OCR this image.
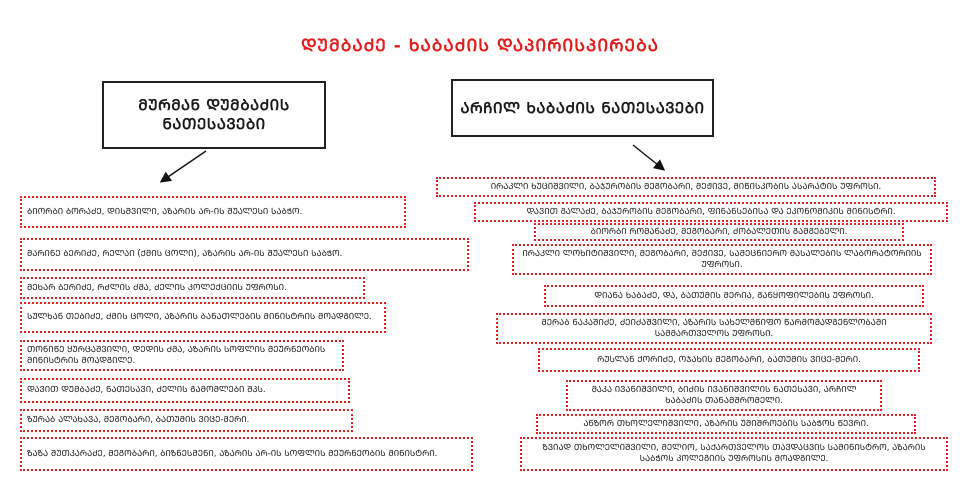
ᲓᲣᲛᲑᲐᲫᲔ - ᲮᲐᲑᲐᲫᲘᲡ ᲓᲐᲞᲘᲠᲘᲡᲞᲘᲠᲔᲑᲐ
ᲛᲣᲠᲛᲐᲜ ᲓᲣᲛᲑᲐᲫᲘᲡ
ᲜᲐᲗᲔᲡᲐᲕᲔᲑᲘ
ᲐᲠᲩᲘᲚ ᲮᲐᲑᲐᲫᲘᲡ ᲜᲐᲗᲔᲡᲐᲕᲔᲑᲘ
ᲑᲘᲝᲠᲑᲘ ᲑᲝᲠᲐᲫᲔ, ᲓᲘᲡᲨᲕᲘᲚᲘ, ᲐᲖᲐᲠᲘᲡ ᲐᲠ-ᲘᲡ ᲨᲣᲐᲚᲔᲡᲘ ᲡᲐᲑᲭᲝ.
ᲛᲐᲠᲘᲜᲔ ᲑᲔᲠᲘᲫᲔ, ᲠᲔᲚᲐᲘ (ᲥᲛᲘᲡ ᲪᲝᲚᲘ), ᲐᲖᲐᲠᲘᲡ ᲐᲠ-ᲘᲡ ᲨᲣᲐᲚᲔᲡᲘ ᲡᲐᲑᲭᲝ.
ᲛᲔᲮᲐᲠ ᲑᲔᲠᲘᲫᲔ, ᲠᲫᲚᲘᲡ ᲫᲛᲐ, ᲫᲔᲚᲘᲡ ᲙᲝᲚᲔᲥᲪᲘᲘᲡ ᲣᲤᲠᲝᲡᲘ.
ᲡᲣᲚᲮᲐᲜ ᲗᲔᲑᲘᲫᲔ, ᲫᲛᲘᲡ ᲪᲝᲚᲘ, ᲐᲖᲐᲠᲘᲡ ᲑᲐᲜᲐᲗᲚᲔᲑᲘᲡ ᲛᲘᲜᲘᲡᲢᲠᲘᲡ ᲛᲝᲐᲓᲒᲘᲚᲔ.
ᲗᲝᲜᲘᲬᲔ ᲧᲣᲠᲪᲐᲨᲕᲘᲚᲘ, ᲓᲔᲓᲘᲡ ᲫᲛᲐ, ᲐᲖᲐᲠᲘᲡ ᲡᲝᲤᲚᲘᲡ ᲛᲔᲣᲠᲜᲔᲝᲑᲘᲡ ᲛᲘᲜᲘᲡᲢᲠᲘᲡ ᲛᲝᲐᲓᲒᲘᲚᲔ.
ᲓᲐᲕᲘᲗ ᲓᲣᲛᲑᲐᲫᲔ, ᲜᲐᲗᲔᲡᲐᲕᲘ, ᲫᲔᲚᲘᲡ ᲒᲐᲛᲝᲛᲚᲔᲑᲘ ᲨᲞᲡ.
ᲖᲣᲠᲐᲑ ᲐᲚᲐᲮᲐᲕᲐ, ᲛᲔᲒᲝᲑᲐᲠᲘ, ᲑᲐᲗᲣᲛᲘᲡ ᲕᲘᲪᲔ-ᲛᲔᲠᲘ.
ᲖᲐᲖᲐ ᲨᲣᲗᲙᲐᲠᲐᲫᲔ, ᲛᲔᲒᲝᲑᲐᲠᲘ, ᲑᲘᲖᲜᲔᲡᲛᲔᲜᲘ, ᲐᲖᲐᲠᲘᲡ ᲐᲠ-ᲘᲡ ᲡᲝᲤᲚᲘᲡ ᲛᲔᲣᲠᲜᲔᲝᲑᲘᲡ ᲛᲘᲜᲘᲡᲢᲠᲘ.
ᲘᲠᲐᲙᲚᲘ ᲮᲣᲪᲘᲨᲕᲘᲚᲘ, ᲑᲐᲯᲣᲠᲝᲑᲘᲡ ᲛᲔᲒᲝᲑᲐᲠᲘ, ᲛᲔᲟᲘᲕᲔ, ᲛᲘᲬᲘᲡᲙᲝᲑᲘᲡ ᲐᲡᲐᲠᲐᲢᲘᲡ ᲣᲤᲠᲝᲡᲘ.
ᲓᲐᲕᲘᲗ ᲒᲐᲚᲐᲫᲔ, ᲑᲐᲯᲣᲠᲝᲑᲘᲡ ᲛᲔᲒᲝᲑᲐᲠᲘ, ᲤᲘᲜᲐᲜᲡᲔᲑᲘᲡᲐ ᲓᲐ ᲔᲙᲝᲜᲝᲛᲘᲙᲘᲡ ᲛᲘᲜᲘᲡᲢᲠᲘ.
ᲑᲘᲝᲠᲑᲘ ᲠᲝᲛᲐᲜᲐᲫᲔ, ᲛᲔᲒᲝᲑᲐᲠᲘ, ᲫᲝᲑᲐᲚᲔᲗᲘᲡ ᲒᲐᲛᲒᲔᲑᲔᲚᲘ.
ᲘᲠᲐᲙᲚᲘ ᲚᲝᲮᲘᲢᲘᲨᲕᲘᲚᲘ, ᲛᲔᲒᲝᲑᲐᲠᲘ, ᲛᲔᲟᲘᲕᲔ, ᲡᲐᲛᲔᲪᲜᲘᲔᲠᲝ ᲛᲐᲡᲐᲚᲔᲑᲘᲡ ᲚᲐᲑᲝᲠᲐᲢᲝᲠᲘᲘᲡ ᲣᲤᲠᲝᲡᲘ.
ᲓᲘᲐᲜᲐ ᲮᲐᲑᲐᲫᲔ, ᲓᲐ, ᲑᲐᲗᲣᲛᲘᲡ ᲛᲔᲠᲘᲐ, ᲒᲐᲜᲧᲝᲤᲘᲚᲔᲑᲘᲡ ᲣᲤᲠᲝᲡᲘ.
ᲛᲔᲠᲐᲑ ᲜᲐᲙᲐᲨᲘᲫᲔ, ᲫᲔᲘᲫᲐᲨᲕᲘᲚᲘ, ᲐᲖᲐᲠᲘᲡ ᲡᲐᲮᲔᲚᲛᲬᲘᲤᲝ ᲬᲐᲠᲛᲝᲛᲐᲓᲒᲔᲜᲚᲝᲑᲐᲨᲘ ᲡᲐᲛᲛᲐᲠᲗᲕᲔᲚᲝᲡ ᲣᲤᲠᲝᲡᲘ.
ᲠᲣᲡᲚᲐᲜ ᲥᲝᲠᲘᲫᲔ, ᲝᲯᲐᲮᲘᲡ ᲛᲔᲒᲝᲑᲐᲠᲘ, ᲑᲐᲗᲣᲛᲘᲡ ᲕᲘᲪᲔ-ᲛᲔᲠᲘ.
ᲛᲐᲙᲐ ᲘᲕᲐᲜᲘᲨᲕᲘᲚᲘ, ᲑᲘᲫᲘᲡ ᲘᲕᲐᲜᲘᲨᲕᲘᲚᲘᲡ ᲜᲐᲗᲔᲡᲐᲕᲘ, ᲐᲠᲩᲘᲚ ᲮᲐᲑᲐᲫᲘᲡ ᲗᲐᲜᲐᲛᲨᲠᲝᲛᲔᲚᲘ.
ᲐᲜᲖᲝᲠ ᲗᲮᲝᲚᲔᲚᲘᲨᲕᲘᲚᲘ, ᲐᲖᲐᲠᲘᲡ ᲣᲨᲘᲨᲠᲝᲔᲑᲘᲡ ᲡᲐᲑᲭᲝᲡ ᲬᲔᲕᲠᲘ.
ᲖᲕᲘᲐᲓ ᲗᲮᲝᲚᲔᲚᲘᲨᲕᲘᲚᲘ, ᲛᲔᲚᲘᲝ, ᲡᲐᲥᲐᲠᲗᲕᲔᲚᲝᲡ ᲗᲐᲕᲓᲐᲪᲕᲘᲡ ᲡᲐᲛᲘᲜᲘᲡᲢᲠᲝ, ᲐᲖᲐᲠᲘᲡ ᲡᲐᲑᲭᲝᲡ ᲙᲝᲚᲔᲒᲘᲘᲡ ᲣᲤᲠᲝᲡᲘᲡ ᲛᲝᲐᲓᲒᲘᲚᲔ.
